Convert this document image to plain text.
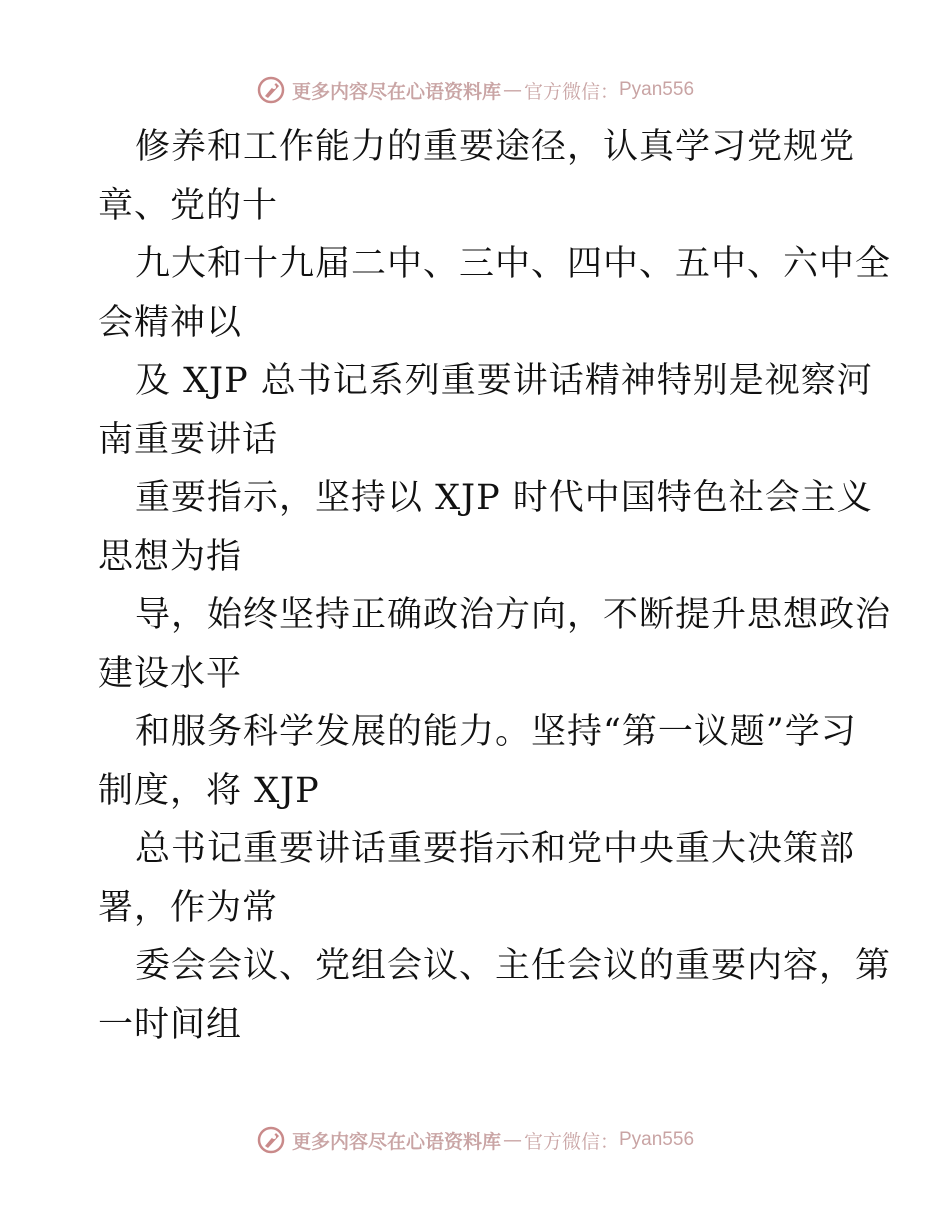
更多内容尽在心语资料库 — 官方微信： Pyan556
修养和工作能力的重要途径，认真学习党规党
章、党的十
九大和十九届二中、三中、四中、五中、六中全
会精神以
及 XJP 总书记系列重要讲话精神特别是视察河
南重要讲话
重要指示，坚持以 XJP 时代中国特色社会主义
思想为指
导，始终坚持正确政治方向，不断提升思想政治
建设水平
和服务科学发展的能力。坚持“第一议题”学习
制度，将 XJP
总书记重要讲话重要指示和党中央重大决策部
署，作为常
委会会议、党组会议、主任会议的重要内容，第
一时间组
更多内容尽在心语资料库 — 官方微信： Pyan556
